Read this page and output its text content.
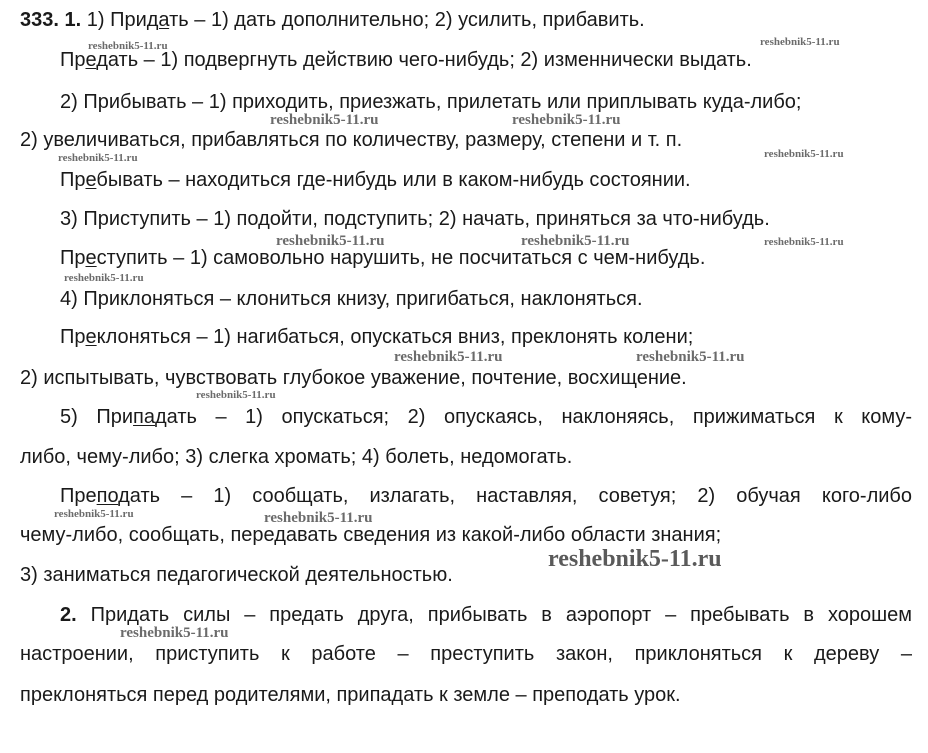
333. 1. 1) Придать – 1) дать дополнительно; 2) усилить, прибавить.
Предать – 1) подвергнуть действию чего-нибудь; 2) изменнически выдать.
2) Прибывать – 1) приходить, приезжать, прилетать или приплывать куда-либо;
2) увеличиваться, прибавляться по количеству, размеру, степени и т. п.
Пребывать – находиться где-нибудь или в каком-нибудь состоянии.
3) Приступить – 1) подойти, подступить; 2) начать, приняться за что-нибудь.
Преступить – 1) самовольно нарушить, не посчитаться с чем-нибудь.
4) Приклоняться – клониться книзу, пригибаться, наклоняться.
Преклоняться – 1) нагибаться, опускаться вниз, преклонять колени;
2) испытывать, чувствовать глубокое уважение, почтение, восхищение.
5) Припадать – 1) опускаться; 2) опускаясь, наклоняясь, прижиматься к кому-
либо, чему-либо; 3) слегка хромать; 4) болеть, недомогать.
Преподать – 1) сообщать, излагать, наставляя, советуя; 2) обучая кого-либо
чему-либо, сообщать, передавать сведения из какой-либо области знания;
3) заниматься педагогической деятельностью.
2. Придать силы – предать друга, прибывать в аэропорт – пребывать в хорошем
настроении, приступить к работе – преступить закон, приклоняться к дереву –
преклоняться перед родителями, припадать к земле – преподать урок.
reshebnik5-11.ru	reshebnik5-11.ru
reshebnik5-11.ru	reshebnik5-11.ru
reshebnik5-11.ru	reshebnik5-11.ru
reshebnik5-11.ru	reshebnik5-11.ru	reshebnik5-11.ru
reshebnik5-11.ru
reshebnik5-11.ru	reshebnik5-11.ru
reshebnik5-11.ru
reshebnik5-11.ru	reshebnik5-11.ru
reshebnik5-11.ru
reshebnik5-11.ru
